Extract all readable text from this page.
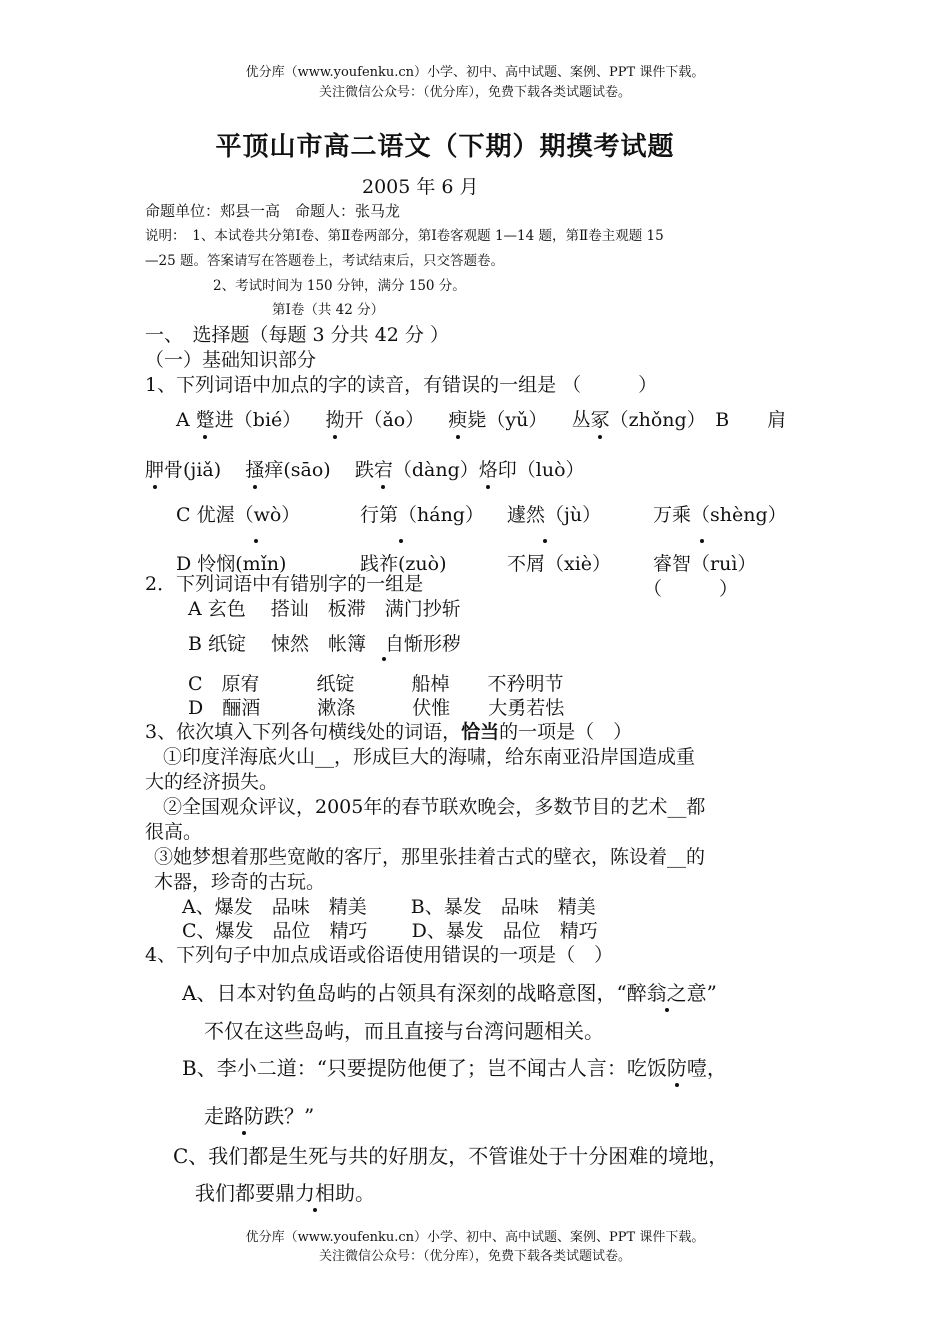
优分库（www.youfenku.cn）小学、初中、高中试题、案例、PPT 课件下载。
关注微信公众号：（优分库），免费下载各类试题试卷。
平顶山市高二语文（下期）期摸考试题
2005 年 6 月
命题单位：郏县一高　命题人：张马龙
说明：　1、本试卷共分第Ⅰ卷、第Ⅱ卷两部分，第Ⅰ卷客观题 1—14 题，第Ⅱ卷主观题 15
—25 题。答案请写在答题卷上，考试结束后，只交答题卷。
2、考试时间为 150 分钟，满分 150 分。
第Ⅰ卷（共 42 分）
一、　选择题（每题 3 分共 42 分 ）
（一）基础知识部分
1、下列词语中加点的字的读音，有错误的一组是 （　　　）
A 蹩进（bié） 拗开（ǎo） 瘐毙（yǔ） 丛冢（zhǒng）　B　　肩
胛骨(jiǎ) 搔痒(sāo) 跌宕（dàng）烙印（luò）
C 优渥（wò）	行第（háng） 遽然（jù）	万乘（shèng）
D 怜悯(mǐn)	践祚(zuò)	不屑（xiè） 睿智（ruì）
2．下列词语中有错别字的一组是	（　　　）
A 玄色　 搭讪　板滞　满门抄斩
B 纸锭　 悚然　帐簿　自惭形秽
C　原宥　　　纸锭　　　船棹　　不矜明节
D　酾酒　　　漱涤　　　伏惟　　大勇若怯
3、依次填入下列各句横线处的词语，恰当的一项是（　）
①印度洋海底火山__，形成巨大的海啸，给东南亚沿岸国造成重
大的经济损失。
②全国观众评议，2005年的春节联欢晚会，多数节目的艺术__都
很高。
③她梦想着那些宽敞的客厅，那里张挂着古式的壁衣，陈设着__的
木器，珍奇的古玩。
A、爆发　品味　精美　　 B、暴发　品味　精美
C、爆发　品位　精巧　　 D、暴发　品位　精巧
4、下列句子中加点成语或俗语使用错误的一项是（　）
A、日本对钓鱼岛屿的占领具有深刻的战略意图，“醉翁之意”
不仅在这些岛屿，而且直接与台湾问题相关。
B、李小二道：“只要提防他便了；岂不闻古人言：吃饭防噎，
走路防跌？”
C、我们都是生死与共的好朋友，不管谁处于十分困难的境地，
我们都要鼎力相助。
优分库（www.youfenku.cn）小学、初中、高中试题、案例、PPT 课件下载。
关注微信公众号：（优分库），免费下载各类试题试卷。
